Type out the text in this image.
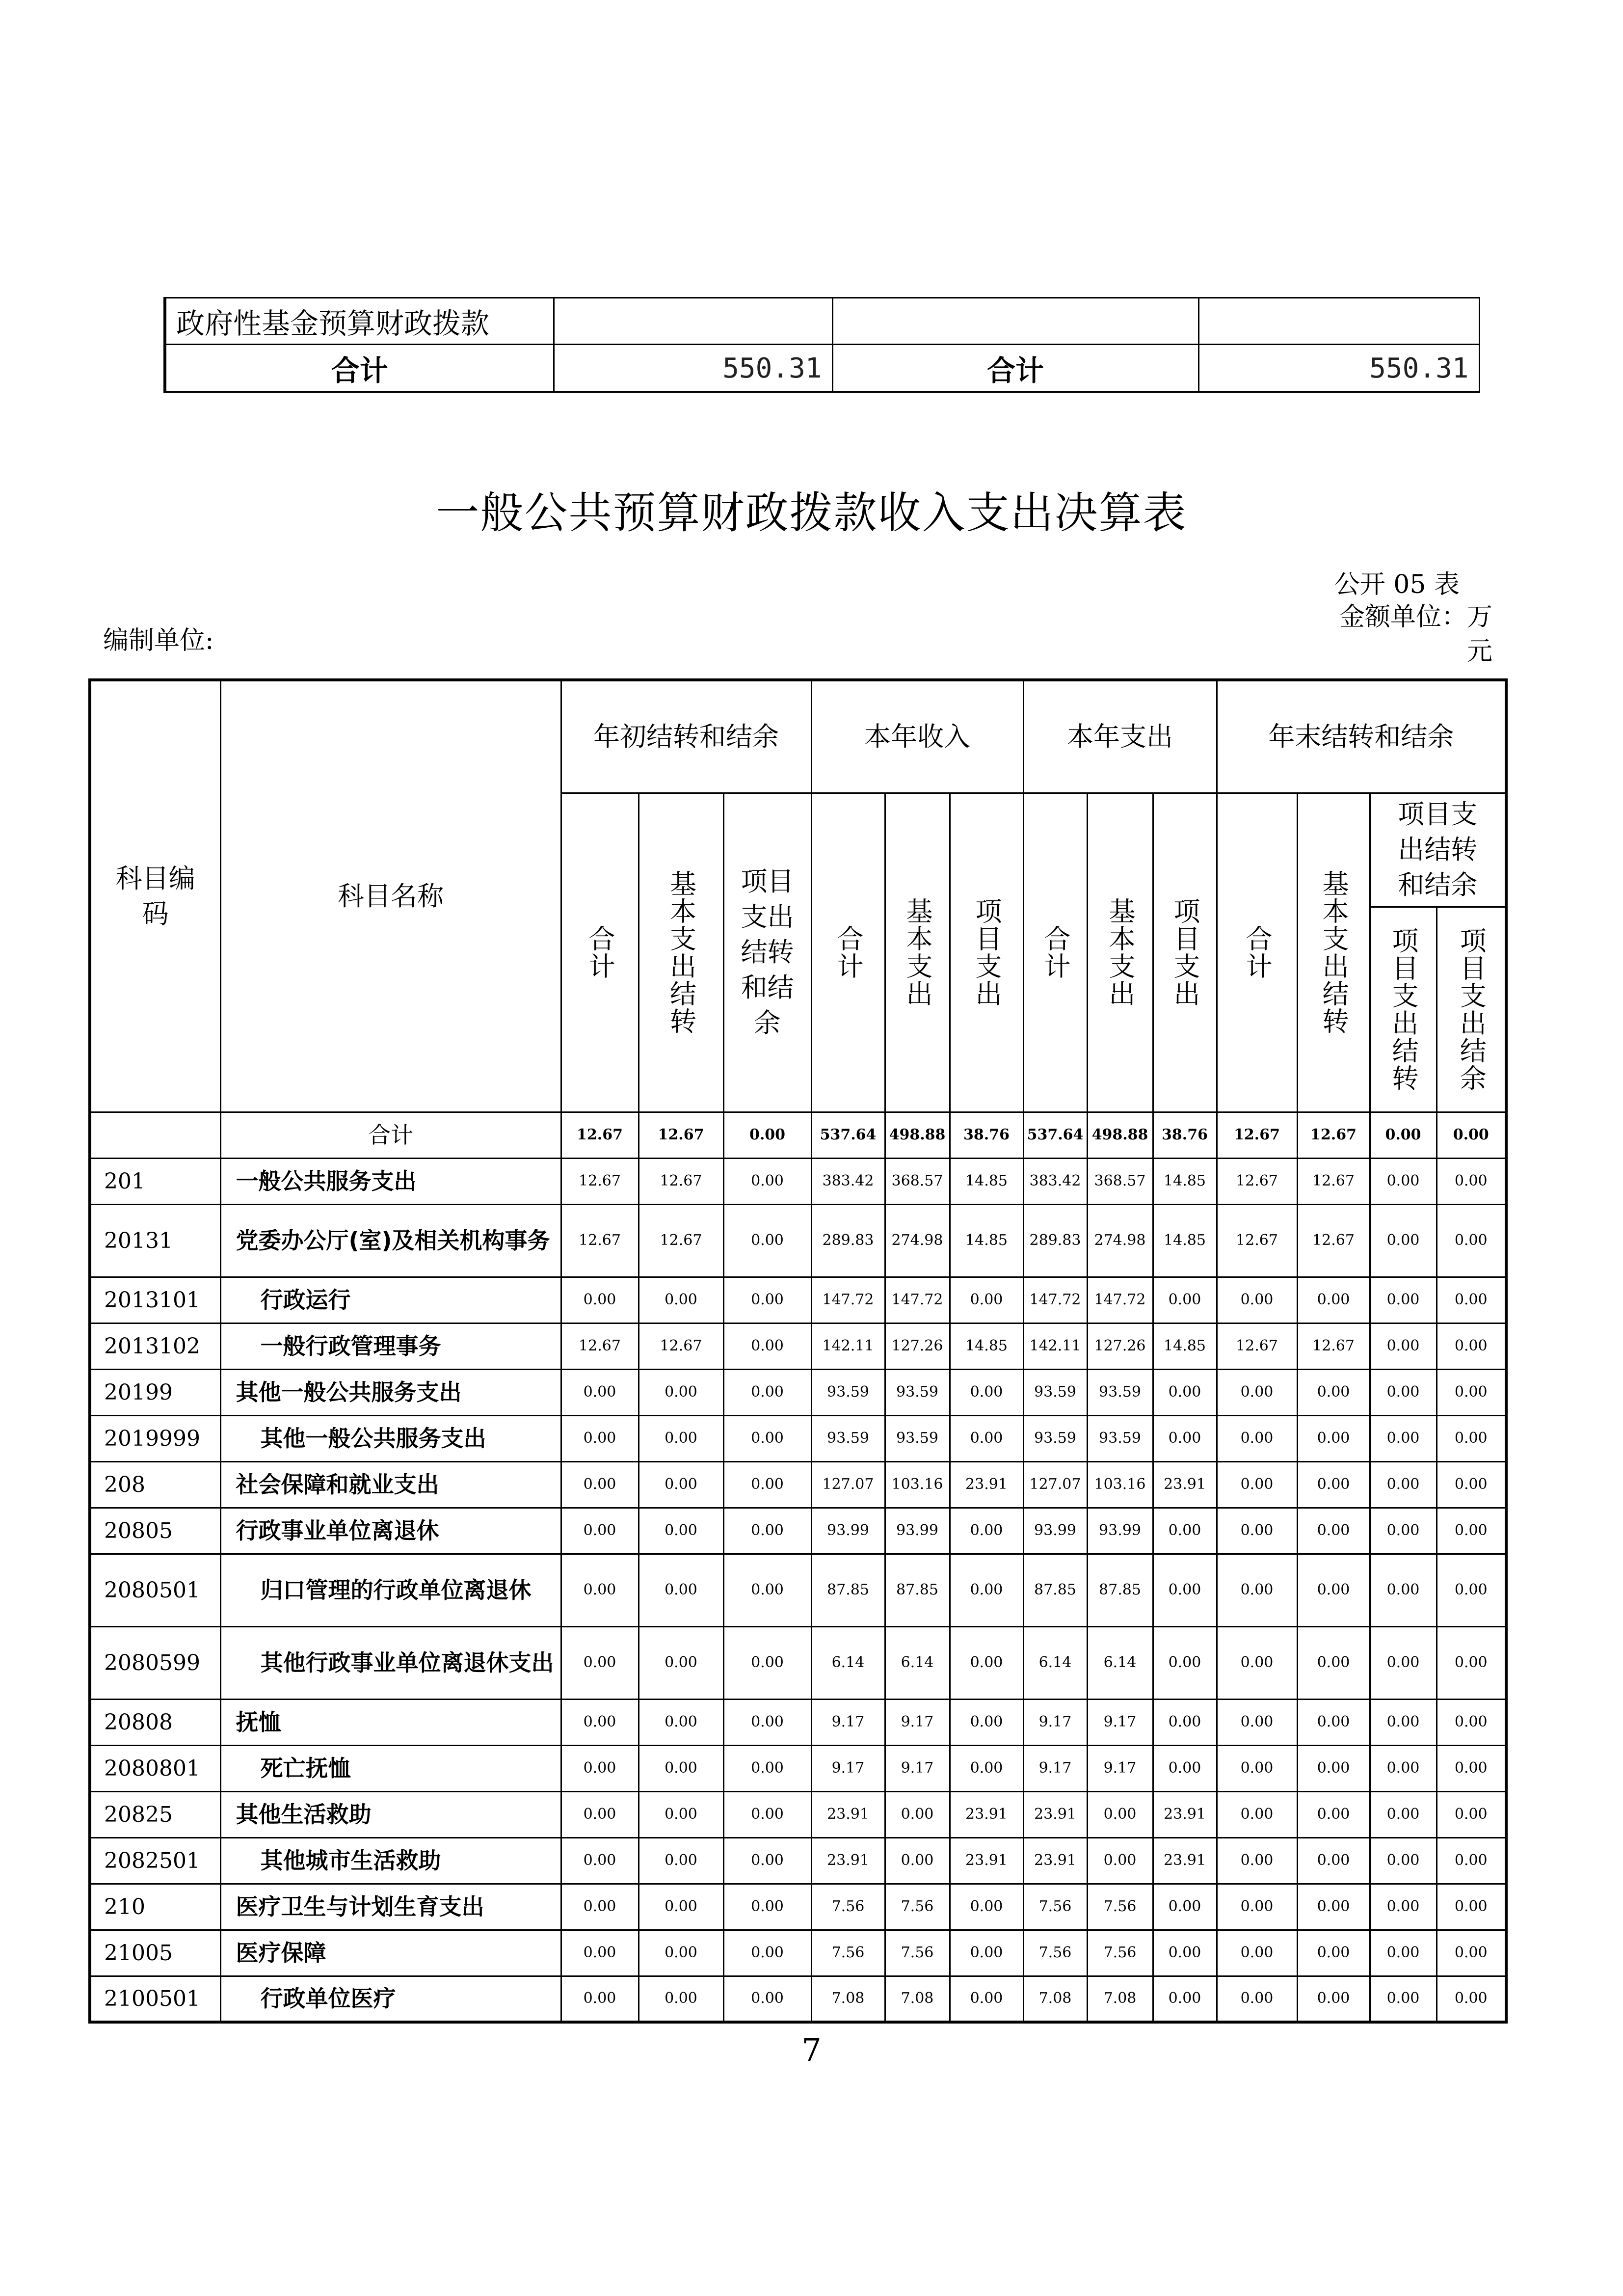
政府性基金预算财政拨款			
合计	550.31	合计	550.31
一般公共预算财政拨款收入支出决算表
公开 05 表
金额单位：万元
编制单位:
科目编码	科目名称	年初结转和结余			本年收入			本年支出			年末结转和结余			
		合计	基本支出结转	项目支出结转和结余	合计	基本支出	项目支出	合计	基本支出	项目支出	合计	基本支出结转	项目支出结转和结余	
													项目支出结转	项目支出结余
	合计	12.67	12.67	0.00	537.64	498.88	38.76	537.64	498.88	38.76	12.67	12.67	0.00	0.00
201	一般公共服务支出	12.67	12.67	0.00	383.42	368.57	14.85	383.42	368.57	14.85	12.67	12.67	0.00	0.00
20131	党委办公厅(室)及相关机构事务	12.67	12.67	0.00	289.83	274.98	14.85	289.83	274.98	14.85	12.67	12.67	0.00	0.00
2013101	行政运行	0.00	0.00	0.00	147.72	147.72	0.00	147.72	147.72	0.00	0.00	0.00	0.00	0.00
2013102	一般行政管理事务	12.67	12.67	0.00	142.11	127.26	14.85	142.11	127.26	14.85	12.67	12.67	0.00	0.00
20199	其他一般公共服务支出	0.00	0.00	0.00	93.59	93.59	0.00	93.59	93.59	0.00	0.00	0.00	0.00	0.00
2019999	其他一般公共服务支出	0.00	0.00	0.00	93.59	93.59	0.00	93.59	93.59	0.00	0.00	0.00	0.00	0.00
208	社会保障和就业支出	0.00	0.00	0.00	127.07	103.16	23.91	127.07	103.16	23.91	0.00	0.00	0.00	0.00
20805	行政事业单位离退休	0.00	0.00	0.00	93.99	93.99	0.00	93.99	93.99	0.00	0.00	0.00	0.00	0.00
2080501	归口管理的行政单位离退休	0.00	0.00	0.00	87.85	87.85	0.00	87.85	87.85	0.00	0.00	0.00	0.00	0.00
2080599	其他行政事业单位离退休支出	0.00	0.00	0.00	6.14	6.14	0.00	6.14	6.14	0.00	0.00	0.00	0.00	0.00
20808	抚恤	0.00	0.00	0.00	9.17	9.17	0.00	9.17	9.17	0.00	0.00	0.00	0.00	0.00
2080801	死亡抚恤	0.00	0.00	0.00	9.17	9.17	0.00	9.17	9.17	0.00	0.00	0.00	0.00	0.00
20825	其他生活救助	0.00	0.00	0.00	23.91	0.00	23.91	23.91	0.00	23.91	0.00	0.00	0.00	0.00
2082501	其他城市生活救助	0.00	0.00	0.00	23.91	0.00	23.91	23.91	0.00	23.91	0.00	0.00	0.00	0.00
210	医疗卫生与计划生育支出	0.00	0.00	0.00	7.56	7.56	0.00	7.56	7.56	0.00	0.00	0.00	0.00	0.00
21005	医疗保障	0.00	0.00	0.00	7.56	7.56	0.00	7.56	7.56	0.00	0.00	0.00	0.00	0.00
2100501	行政单位医疗	0.00	0.00	0.00	7.08	7.08	0.00	7.08	7.08	0.00	0.00	0.00	0.00	0.00
7
